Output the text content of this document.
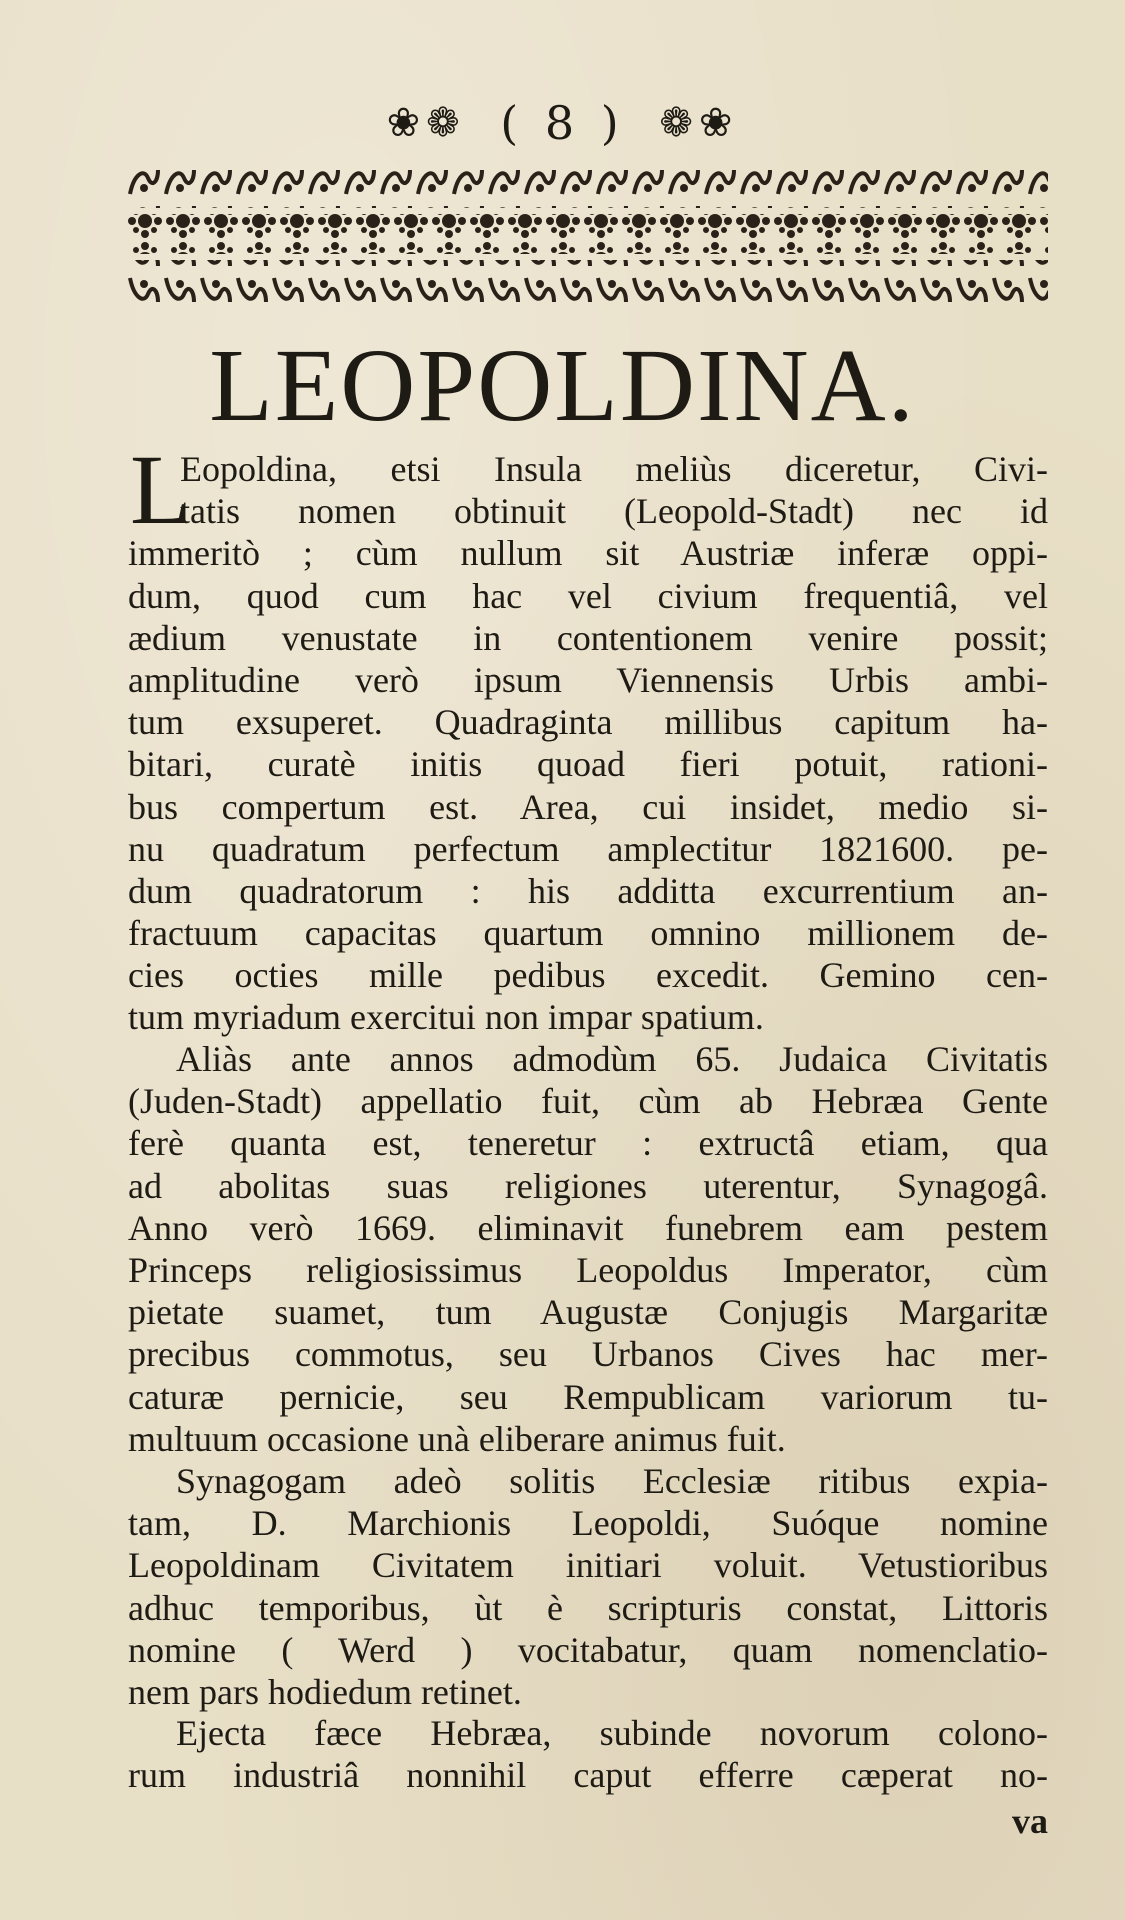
❀❁ ( 8 ) ❁❀
LEOPOLDINA.
L
Eopoldina, etsi Insula meliùs diceretur, Civi-
tatis nomen obtinuit (Leopold-Stadt) nec id
immeritò ; cùm nullum sit Austriæ inferæ oppi-
dum, quod cum hac vel civium frequentiâ, vel
ædium venustate in contentionem venire possit;
amplitudine verò ipsum Viennensis Urbis ambi-
tum exsuperet. Quadraginta millibus capitum ha-
bitari, curatè initis quoad fieri potuit, rationi-
bus compertum est. Area, cui insidet, medio si-
nu quadratum perfectum amplectitur 1821600. pe-
dum quadratorum : his additta excurrentium an-
fractuum capacitas quartum omnino millionem de-
cies octies mille pedibus excedit. Gemino cen-
tum myriadum exercitui non impar spatium.
Aliàs ante annos admodùm 65. Judaica Civitatis
(Juden-Stadt) appellatio fuit, cùm ab Hebræa Gente
ferè quanta est, teneretur : extructâ etiam, qua
ad abolitas suas religiones uterentur, Synagogâ.
Anno verò 1669. eliminavit funebrem eam pestem
Princeps religiosissimus Leopoldus Imperator, cùm
pietate suamet, tum Augustæ Conjugis Margaritæ
precibus commotus, seu Urbanos Cives hac mer-
caturæ pernicie, seu Rempublicam variorum tu-
multuum occasione unà eliberare animus fuit.
Synagogam adeò solitis Ecclesiæ ritibus expia-
tam, D. Marchionis Leopoldi, Suóque nomine
Leopoldinam Civitatem initiari voluit. Vetustioribus
adhuc temporibus, ùt è scripturis constat, Littoris
nomine ( Werd ) vocitabatur, quam nomenclatio-
nem pars hodiedum retinet.
Ejecta fæce Hebræa, subinde novorum colono-
rum industriâ nonnihil caput efferre cæperat no-
va
